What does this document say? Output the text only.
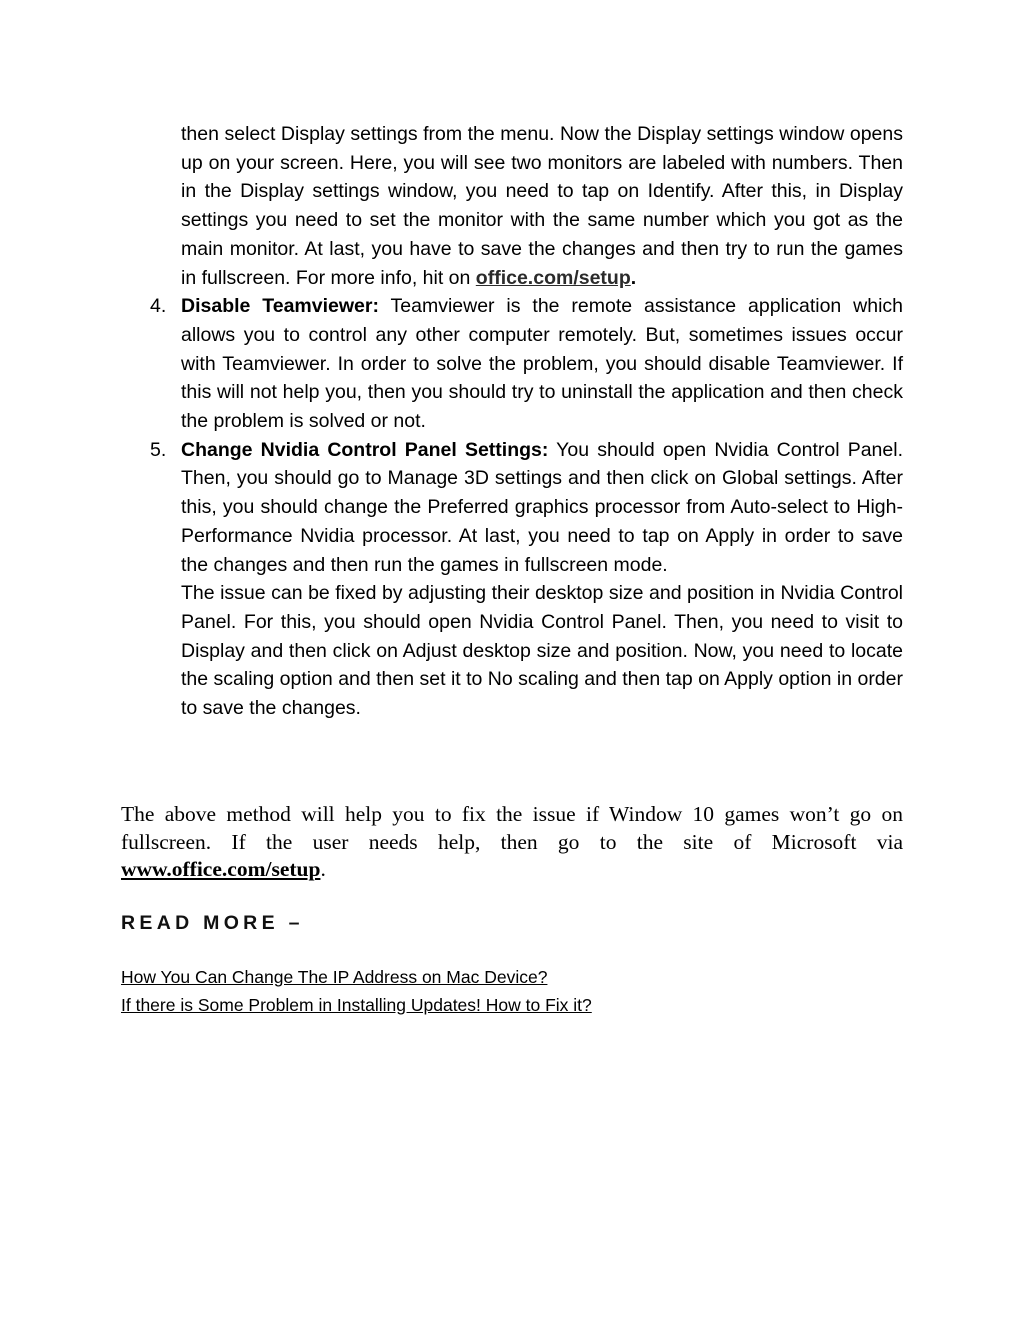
then select Display settings from the menu. Now the Display settings window opens up on your screen. Here, you will see two monitors are labeled with numbers. Then in the Display settings window, you need to tap on Identify. After this, in Display settings you need to set the monitor with the same number which you got as the main monitor. At last, you have to save the changes and then try to run the games in fullscreen. For more info, hit on office.com/setup.
4. Disable Teamviewer: Teamviewer is the remote assistance application which allows you to control any other computer remotely. But, sometimes issues occur with Teamviewer. In order to solve the problem, you should disable Teamviewer. If this will not help you, then you should try to uninstall the application and then check the problem is solved or not.
5. Change Nvidia Control Panel Settings: You should open Nvidia Control Panel. Then, you should go to Manage 3D settings and then click on Global settings. After this, you should change the Preferred graphics processor from Auto-select to High-Performance Nvidia processor. At last, you need to tap on Apply in order to save the changes and then run the games in fullscreen mode.
The issue can be fixed by adjusting their desktop size and position in Nvidia Control Panel. For this, you should open Nvidia Control Panel. Then, you need to visit to Display and then click on Adjust desktop size and position. Now, you need to locate the scaling option and then set it to No scaling and then tap on Apply option in order to save the changes.
The above method will help you to fix the issue if Window 10 games won’t go on fullscreen. If the user needs help, then go to the site of Microsoft via www.office.com/setup.
READ MORE –
How You Can Change The IP Address on Mac Device?
If there is Some Problem in Installing Updates! How to Fix it?
